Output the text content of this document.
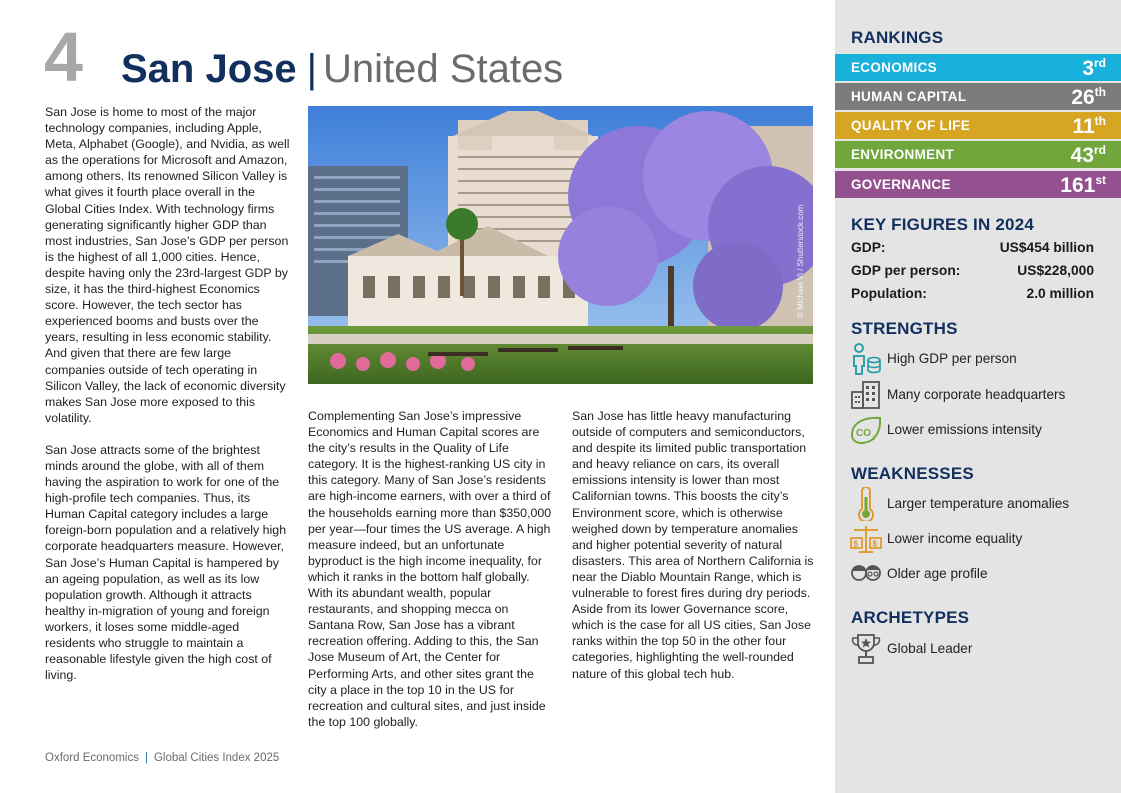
4 San Jose | United States

San Jose is home to most of the major technology companies, including Apple, Meta, Alphabet (Google), and Nvidia, as well as the operations for Microsoft and Amazon, among others. Its renowned Silicon Valley is what gives it fourth place overall in the Global Cities Index. With technology firms generating significantly higher GDP than most industries, San Jose’s GDP per person is the highest of all 1,000 cities. Hence, despite having only the 23rd-largest GDP by size, it has the third-highest Economics score. However, the tech sector has experienced booms and busts over the years, resulting in less economic stability. And given that there are few large companies outside of tech operating in Silicon Valley, the lack of economic diversity makes San Jose more exposed to this volatility.

San Jose attracts some of the brightest minds around the globe, with all of them having the aspiration to work for one of the high-profile tech companies. Thus, its Human Capital category includes a large foreign-born population and a relatively high corporate headquarters measure. However, San Jose’s Human Capital is hampered by an ageing population, as well as its low population growth. Although it attracts healthy in-migration of young and foreign workers, it loses some middle-aged residents who struggle to maintain a reasonable lifestyle given the high cost of living.

Complementing San Jose’s impressive Economics and Human Capital scores are the city’s results in the Quality of Life category. It is the highest-ranking US city in this category. Many of San Jose’s residents are high-income earners, with over a third of the households earning more than $350,000 per year—four times the US average. A high measure indeed, but an unfortunate byproduct is the high income inequality, for which it ranks in the bottom half globally. With its abundant wealth, popular restaurants, and shopping mecca on Santana Row, San Jose has a vibrant recreation offering. Adding to this, the San Jose Museum of Art, the Center for Performing Arts, and other sites grant the city a place in the top 10 in the US for recreation and cultural sites, and just inside the top 100 globally.

San Jose has little heavy manufacturing outside of computers and semiconductors, and despite its limited public transportation and heavy reliance on cars, its overall emissions intensity is lower than most Californian towns. This boosts the city’s Environment score, which is otherwise weighed down by temperature anomalies and higher potential severity of natural disasters. This area of Northern California is near the Diablo Mountain Range, which is vulnerable to forest fires during dry periods. Aside from its lower Governance score, which is the case for all US cities, San Jose ranks within the top 50 in the other four categories, highlighting the well-rounded nature of this global tech hub.

© Michael Vi / Shutterstock.com
Oxford Economics | Global Cities Index 2025
RANKINGS
ECONOMICS	3rd
HUMAN CAPITAL	26th
QUALITY OF LIFE	11th
ENVIRONMENT	43rd
GOVERNANCE	161st
KEY FIGURES IN 2024
GDP:	US$454 billion
GDP per person:	US$228,000
Population:	2.0 million
STRENGTHS
High GDP per person
Many corporate headquarters
CO 2
Lower emissions intensity
WEAKNESSES
Larger temperature anomalies
$ $ Lower income equality
Older age profile
ARCHETYPES
Global Leader
